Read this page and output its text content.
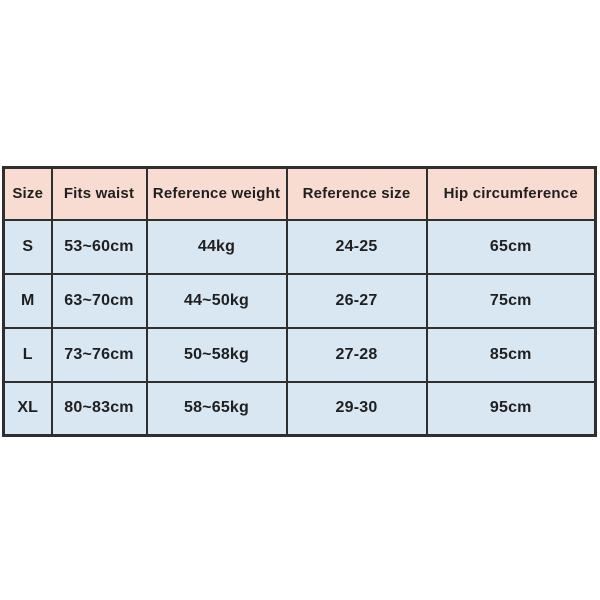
Size	Fits waist	Reference weight	Reference size	Hip circumference
S	53~60cm	44kg	24-25	65cm
M	63~70cm	44~50kg	26-27	75cm
L	73~76cm	50~58kg	27-28	85cm
XL	80~83cm	58~65kg	29-30	95cm
